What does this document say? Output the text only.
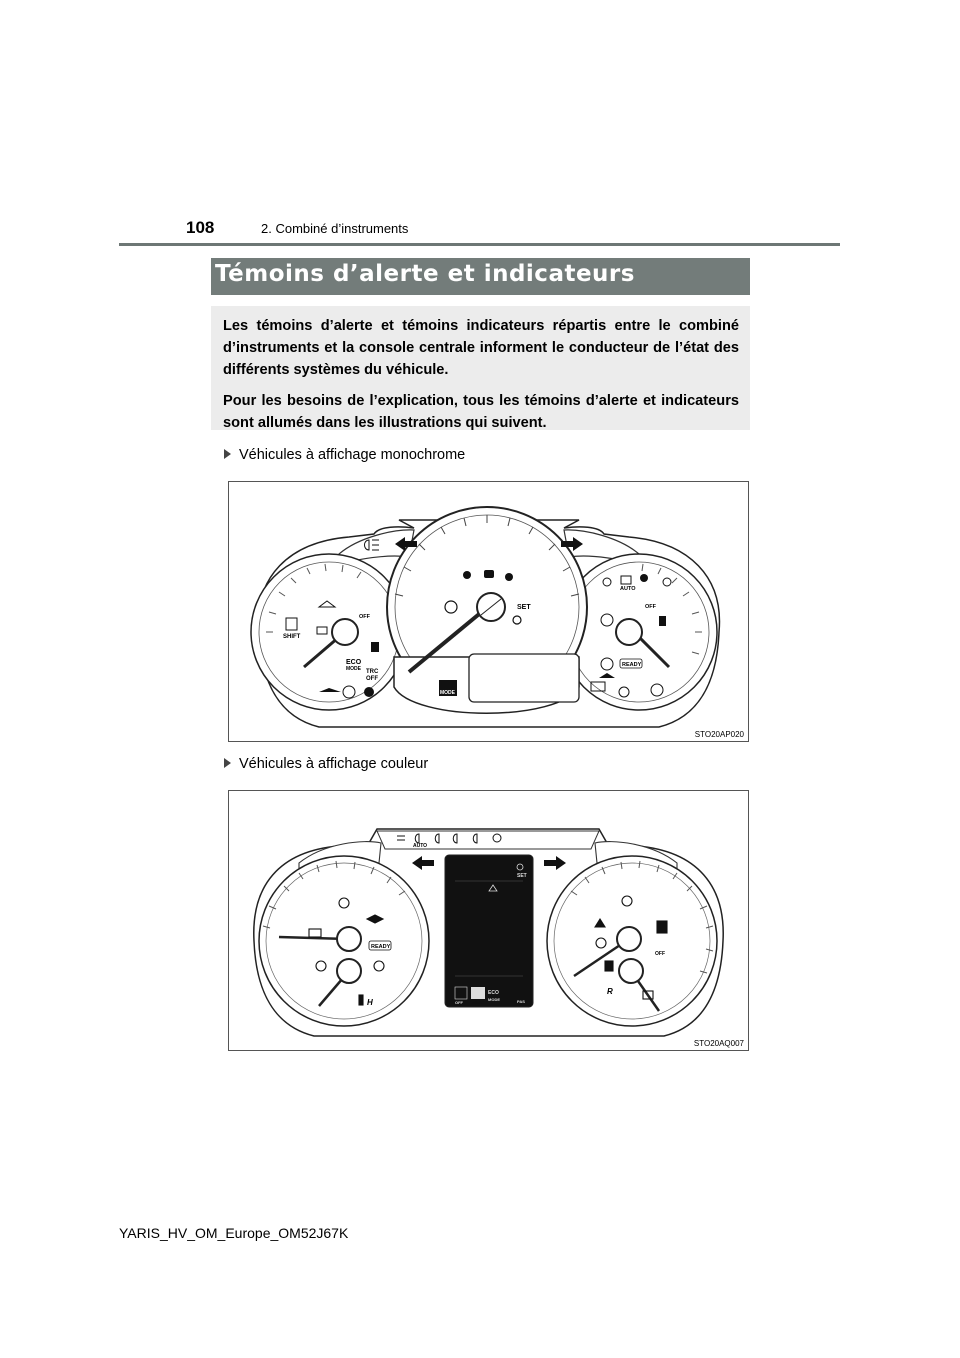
108	2. Combiné d’instruments
Témoins d’alerte et indicateurs

Les témoins d’alerte et témoins indicateurs répartis entre le combiné d’instruments et la console centrale informent le conducteur de l’état des différents systèmes du véhicule.

Pour les besoins de l’explication, tous les témoins d’alerte et indicateurs sont allumés dans les illustrations qui suivent.

Véhicules à affichage monochrome
SET
SHIFT
OFF
ECO
MODE TRC
OFF
MODE
AUTO
OFF
READY
STO20AP020
Véhicules à affichage couleur
AUTO
SET
OFF MODE
ECO
MODE	PAS
READY
H
OFF
R
STO20AQ007
YARIS_HV_OM_Europe_OM52J67K
